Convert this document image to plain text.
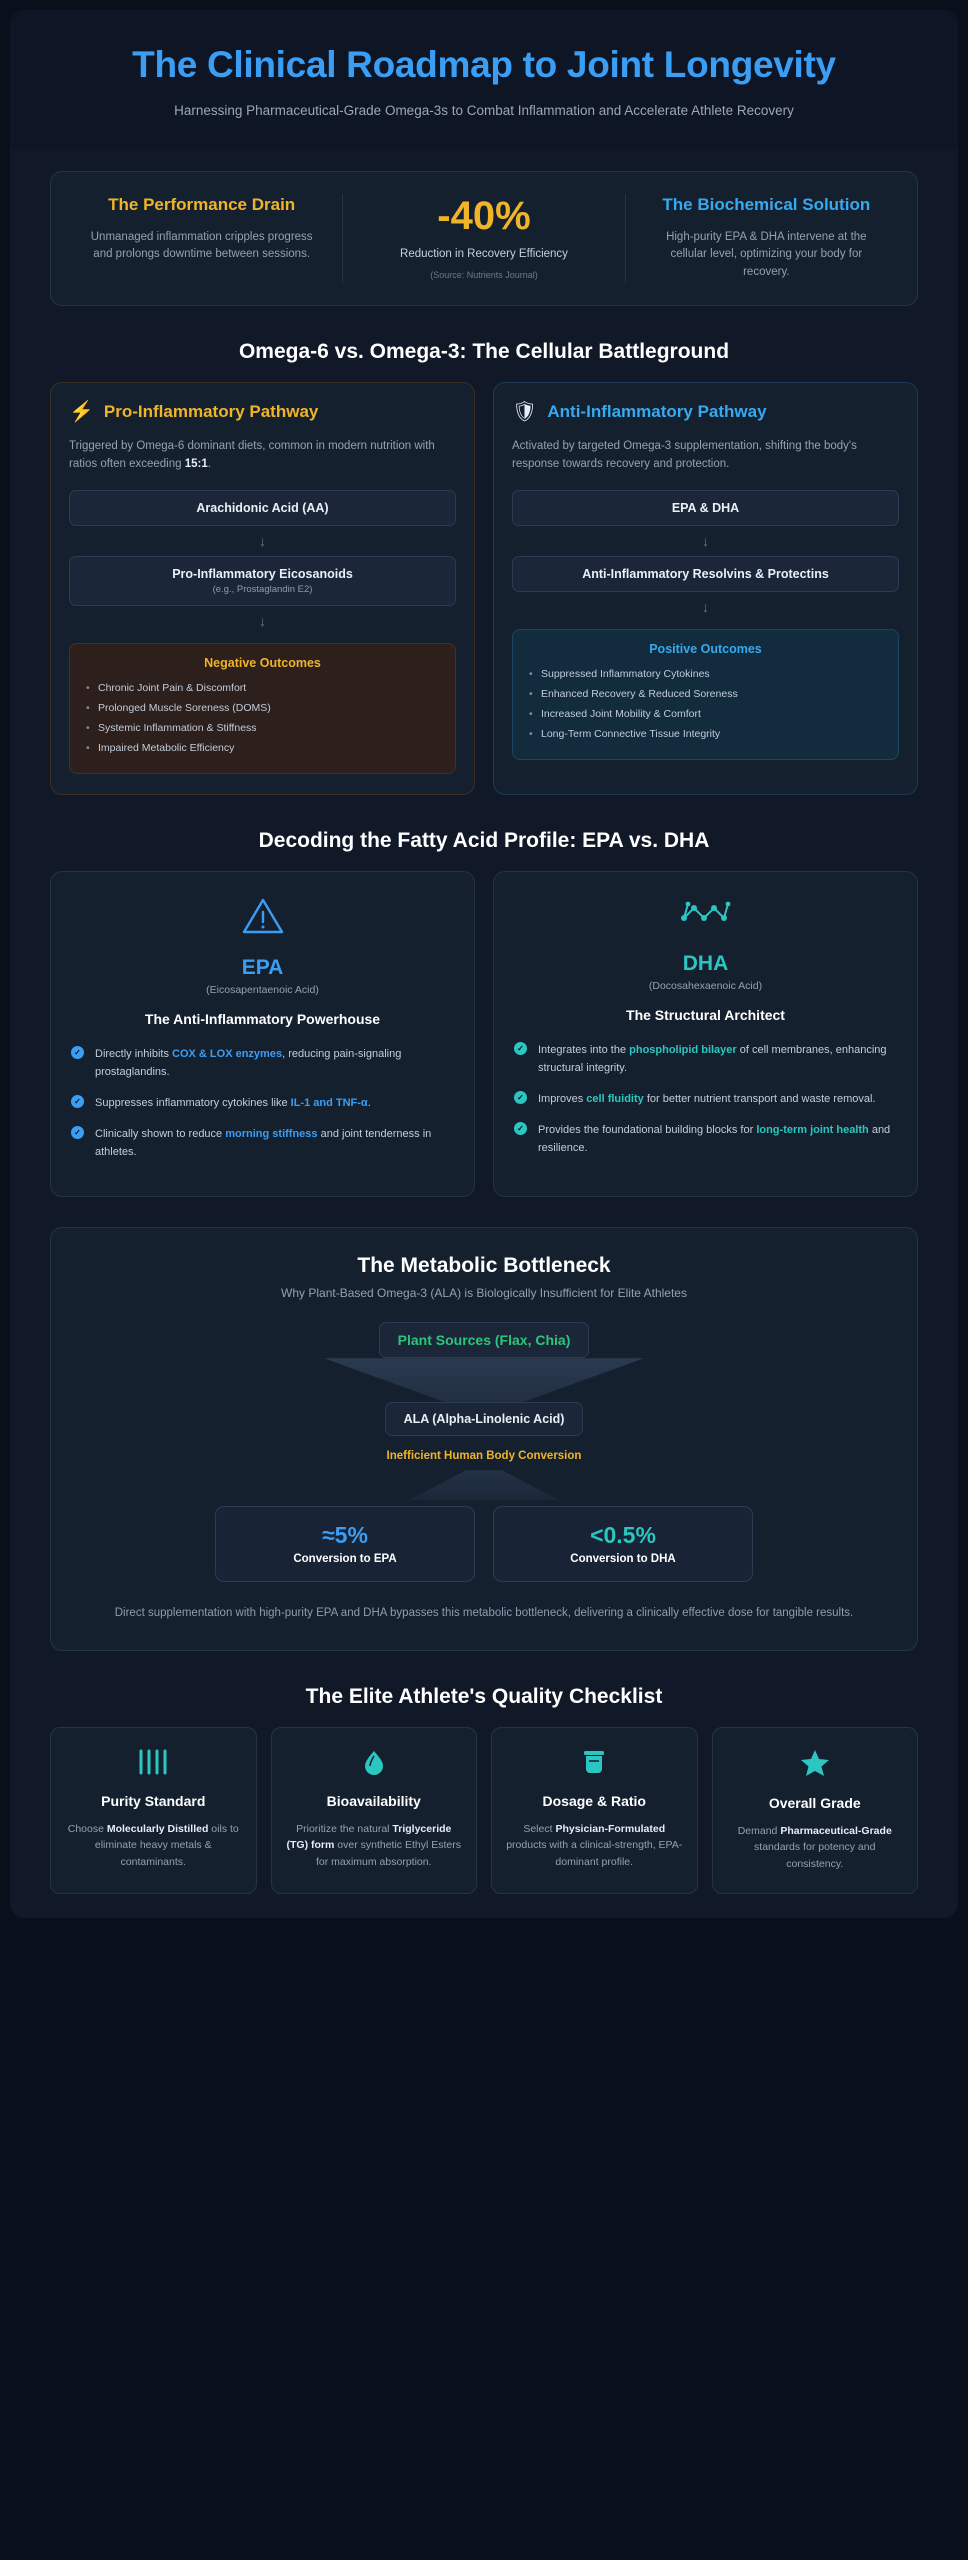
The Clinical Roadmap to Joint Longevity
Harnessing Pharmaceutical-Grade Omega-3s to Combat Inflammation and Accelerate Athlete Recovery
The Performance Drain

Unmanaged inflammation cripples progress and prolongs downtime between sessions.

-40%

Reduction in Recovery Efficiency

(Source: Nutrients Journal)

The Biochemical Solution

High-purity EPA & DHA intervene at the cellular level, optimizing your body for recovery.

Omega-6 vs. Omega-3: The Cellular Battleground
⚡ Pro-Inflammatory Pathway
Triggered by Omega-6 dominant diets, common in modern nutrition with ratios often exceeding 15:1.
Arachidonic Acid (AA)
↓
Pro-Inflammatory Eicosanoids
(e.g., Prostaglandin E2)
↓
Negative Outcomes
• Chronic Joint Pain & Discomfort
• Prolonged Muscle Soreness (DOMS)
• Systemic Inflammation & Stiffness
• Impaired Metabolic Efficiency
🛡 Anti-Inflammatory Pathway
Activated by targeted Omega-3 supplementation, shifting the body's response towards recovery and protection.
EPA & DHA
↓
Anti-Inflammatory Resolvins & Protectins
↓
Positive Outcomes
• Suppressed Inflammatory Cytokines
• Enhanced Recovery & Reduced Soreness
• Increased Joint Mobility & Comfort
• Long-Term Connective Tissue Integrity
Decoding the Fatty Acid Profile: EPA vs. DHA
EPA
(Eicosapentaenoic Acid)
The Anti-Inflammatory Powerhouse
✓ Directly inhibits COX & LOX enzymes, reducing pain-signaling prostaglandins.
✓ Suppresses inflammatory cytokines like IL-1 and TNF-α.
✓ Clinically shown to reduce morning stiffness and joint tenderness in athletes.
DHA
(Docosahexaenoic Acid)
The Structural Architect
✓ Integrates into the phospholipid bilayer of cell membranes, enhancing structural integrity.
✓ Improves cell fluidity for better nutrient transport and waste removal.
✓ Provides the foundational building blocks for long-term joint health and resilience.
The Metabolic Bottleneck
Why Plant-Based Omega-3 (ALA) is Biologically Insufficient for Elite Athletes
Plant Sources (Flax, Chia)
ALA (Alpha-Linolenic Acid)
Inefficient Human Body Conversion
≈5%
Conversion to EPA
<0.5%
Conversion to DHA
Direct supplementation with high-purity EPA and DHA bypasses this metabolic bottleneck, delivering a clinically effective dose for tangible results.
The Elite Athlete's Quality Checklist
Purity Standard

Choose Molecularly Distilled oils to eliminate heavy metals & contaminants.

Bioavailability

Prioritize the natural Triglyceride (TG) form over synthetic Ethyl Esters for maximum absorption.

Dosage & Ratio

Select Physician-Formulated products with a clinical-strength, EPA-dominant profile.

Overall Grade

Demand Pharmaceutical-Grade standards for potency and consistency.
